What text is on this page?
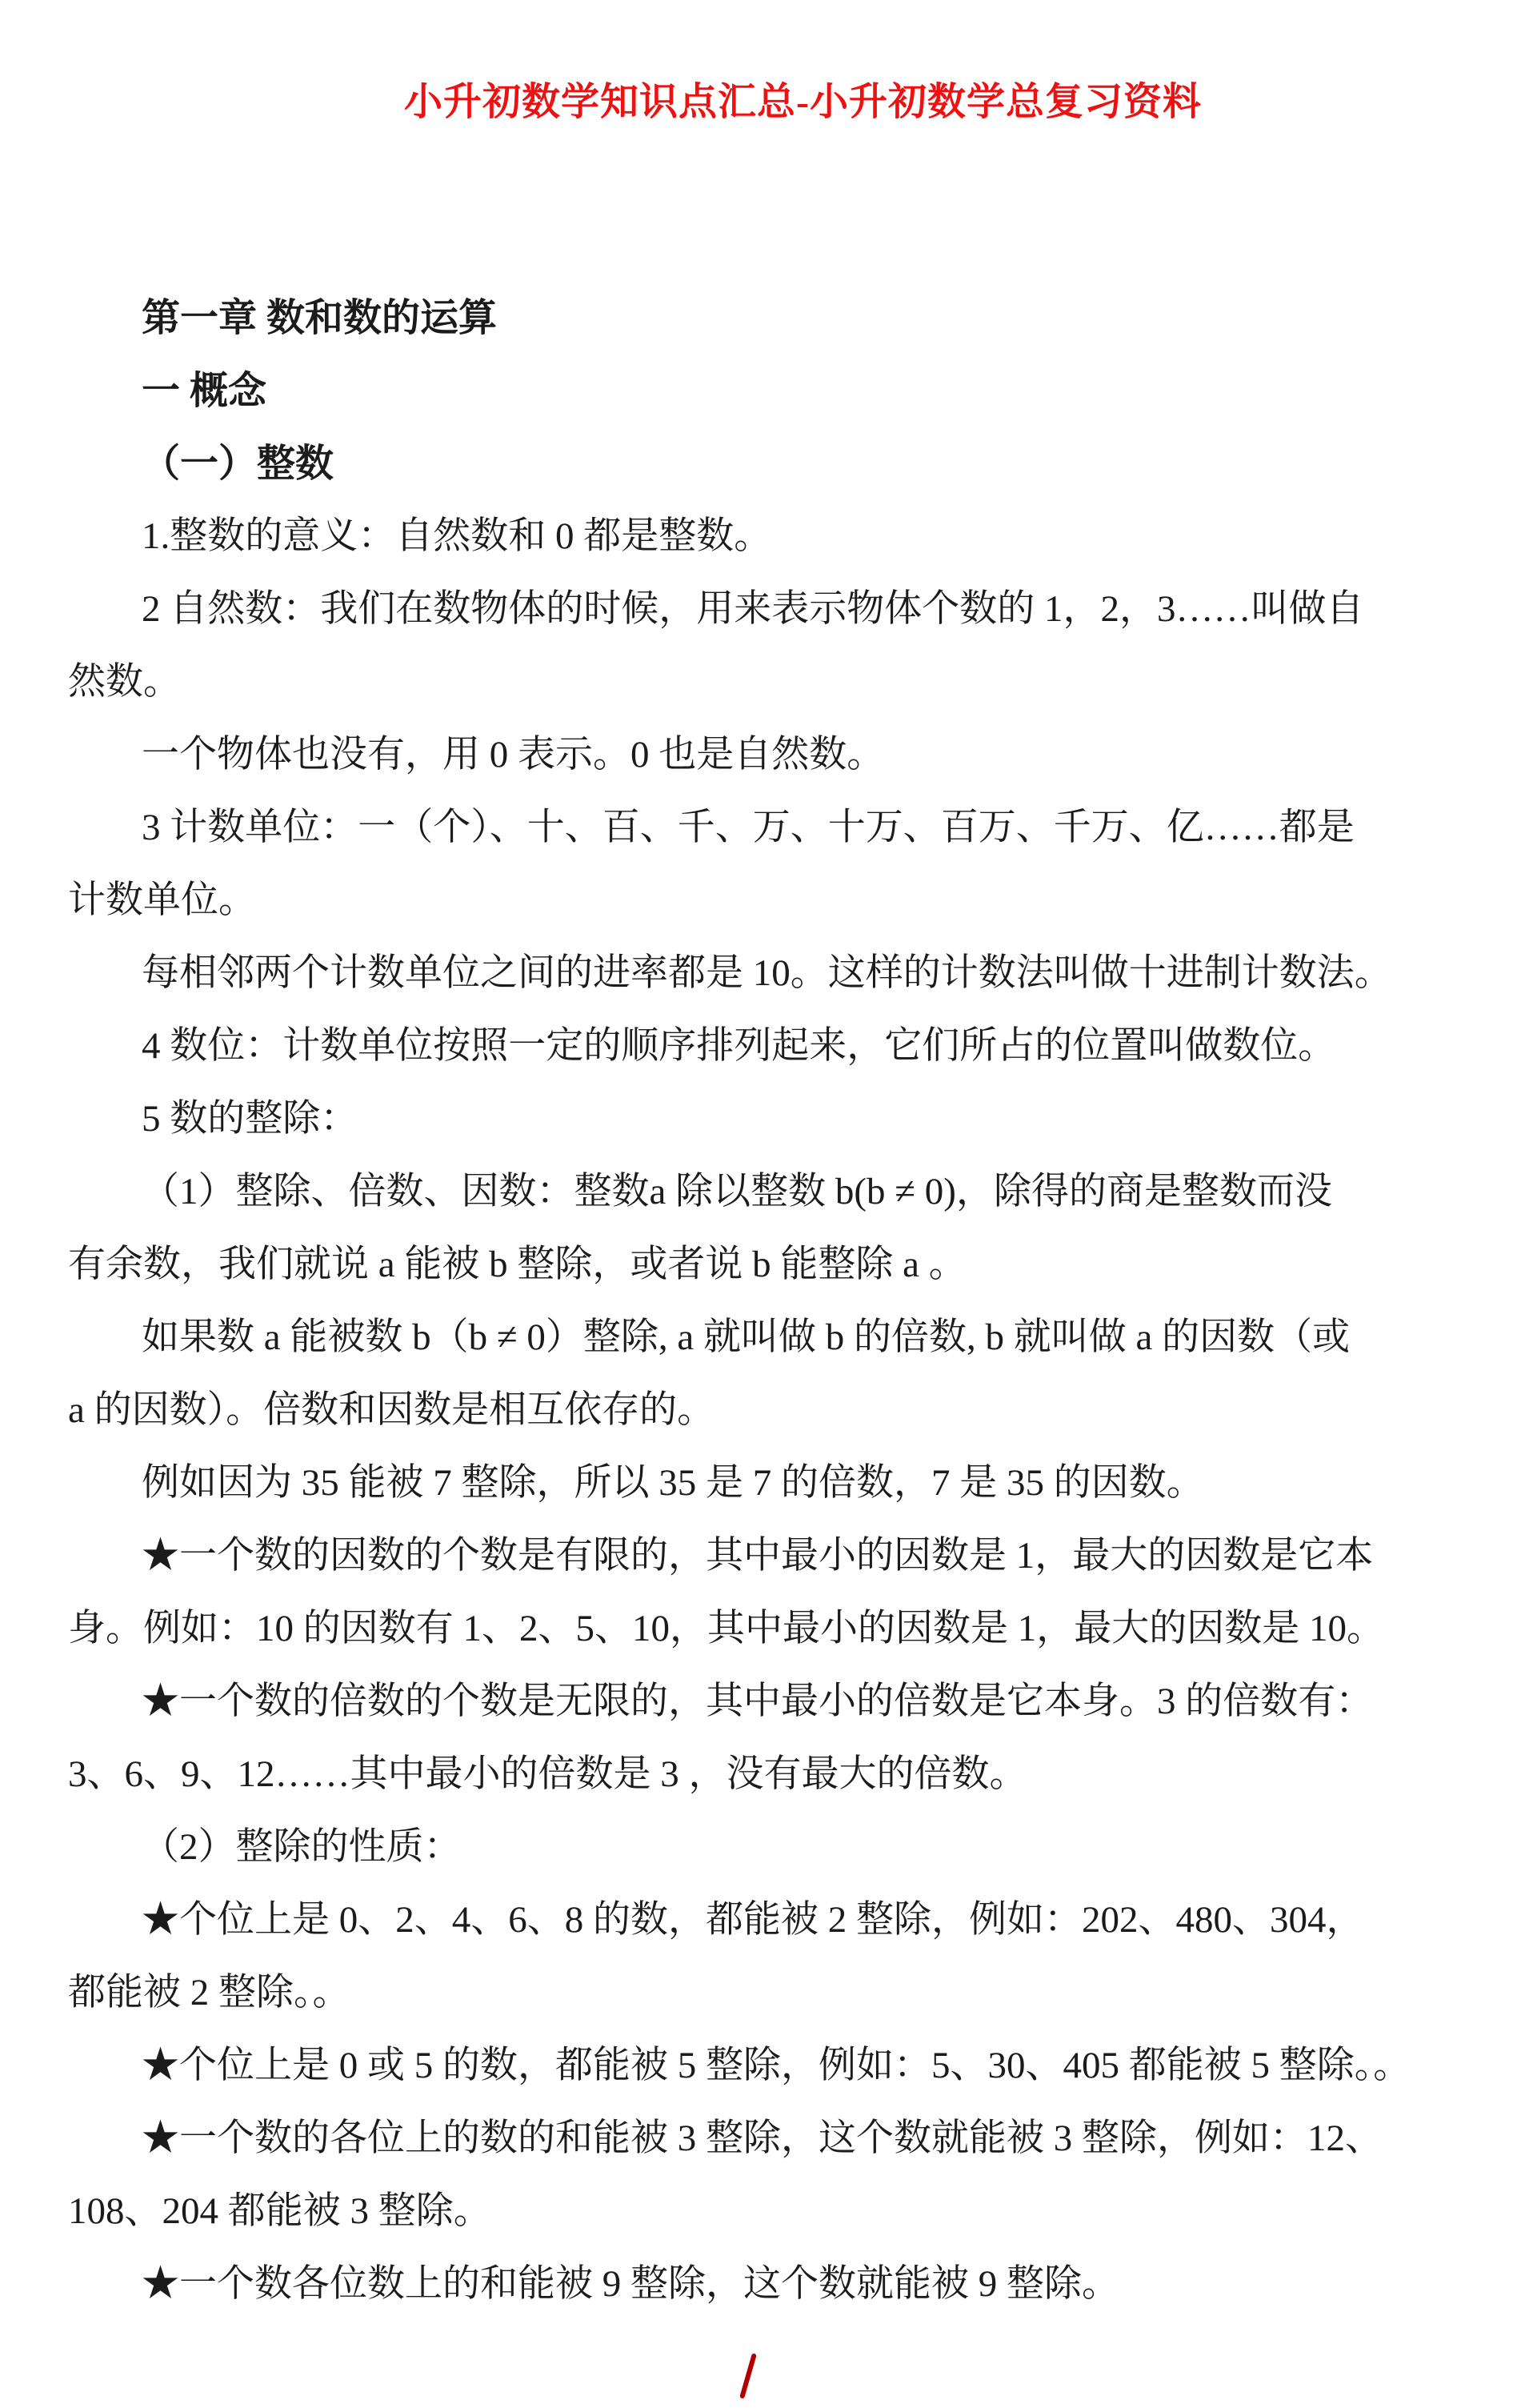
小升初数学知识点汇总-小升初数学总复习资料
第一章 数和数的运算
一 概念
（一）整数
1.整数的意义：自然数和 0 都是整数。
2 自然数：我们在数物体的时候，用来表示物体个数的 1，2，3……叫做自
然数。
一个物体也没有，用 0 表示。0 也是自然数。
3 计数单位：一（个）、十、百、千、万、十万、百万、千万、亿……都是
计数单位。
每相邻两个计数单位之间的进率都是 10。这样的计数法叫做十进制计数法。
4 数位：计数单位按照一定的顺序排列起来，它们所占的位置叫做数位。
5 数的整除：
（1）整除、倍数、因数：整数a 除以整数 b(b ≠ 0)，除得的商是整数而没
有余数，我们就说 a 能被 b 整除，或者说 b 能整除 a 。
如果数 a 能被数 b（b ≠ 0）整除, a 就叫做 b 的倍数, b 就叫做 a 的因数（或
a 的因数）。倍数和因数是相互依存的。
例如因为 35 能被 7 整除，所以 35 是 7 的倍数，7 是 35 的因数。
★一个数的因数的个数是有限的，其中最小的因数是 1，最大的因数是它本
身。例如：10 的因数有 1、2、5、10，其中最小的因数是 1，最大的因数是 10。
★一个数的倍数的个数是无限的，其中最小的倍数是它本身。3 的倍数有：
3、6、9、12……其中最小的倍数是 3 ，没有最大的倍数。
（2）整除的性质：
★个位上是 0、2、4、6、8 的数，都能被 2 整除，例如：202、480、304，
都能被 2 整除。。
★个位上是 0 或 5 的数，都能被 5 整除，例如：5、30、405 都能被 5 整除。。
★一个数的各位上的数的和能被 3 整除，这个数就能被 3 整除，例如：12、
108、204 都能被 3 整除。
★一个数各位数上的和能被 9 整除，这个数就能被 9 整除。
